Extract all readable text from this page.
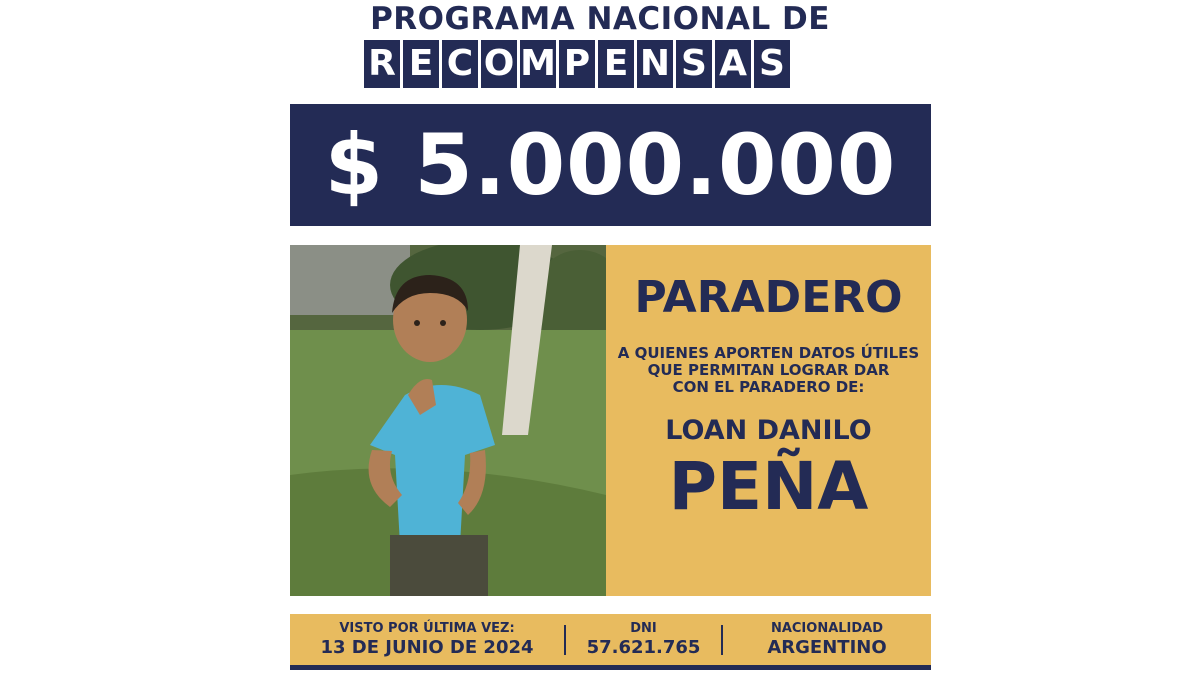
PROGRAMA NACIONAL DE
R E C O M P E N S A S
$ 5.000.000
PARADERO
A QUIENES APORTEN DATOS ÚTILES
QUE PERMITAN LOGRAR DAR
CON EL PARADERO DE:
LOAN DANILO
PEÑA
VISTO POR ÚLTIMA VEZ:
13 DE JUNIO DE 2024
DNI
57.621.765
NACIONALIDAD
ARGENTINO
